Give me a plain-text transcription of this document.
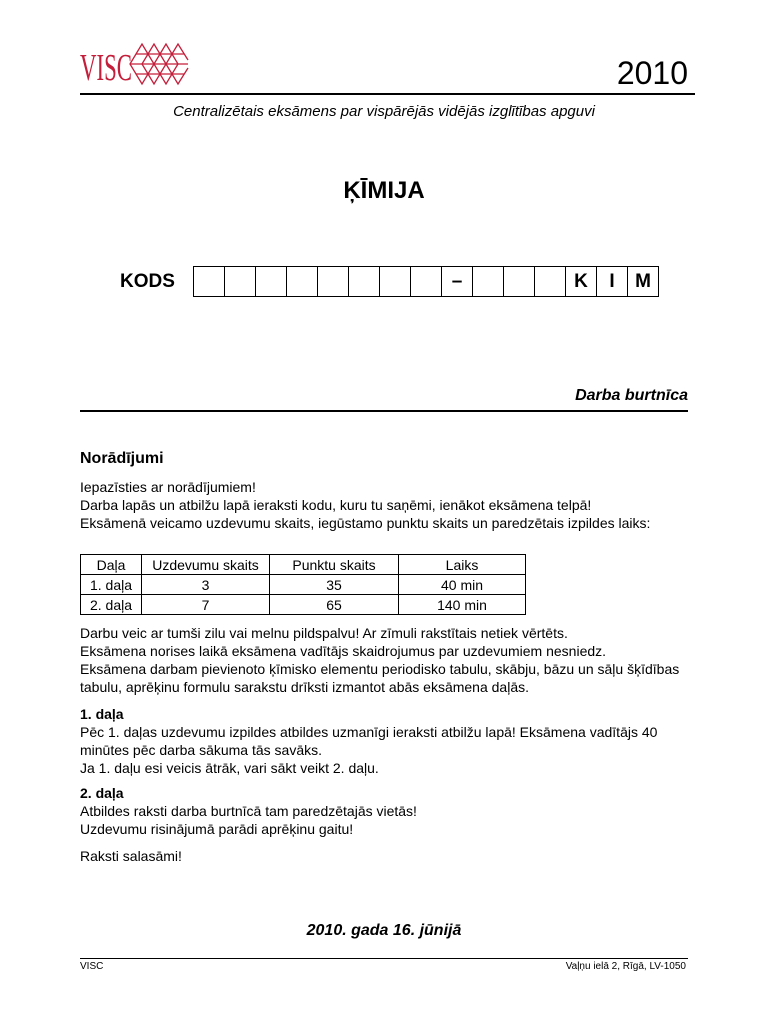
VISC	2010
Centralizētais eksāmens par vispārējās vidējās izglītības apguvi
ĶĪMIJA
KODS	–	K	I	M
Darba burtnīca
Norādījumi

Iepazīsties ar norādījumiem!

Darba lapās un atbilžu lapā ieraksti kodu, kuru tu saņēmi, ienākot eksāmena telpā!

Eksāmenā veicamo uzdevumu skaits, iegūstamo punktu skaits un paredzētais izpildes laiks:

Daļa	Uzdevumu skaits	Punktu skaits	Laiks
1. daļa	3	35	40 min
2. daļa	7	65	140 min

Darbu veic ar tumši zilu vai melnu pildspalvu! Ar zīmuli rakstītais netiek vērtēts.

Eksāmena norises laikā eksāmena vadītājs skaidrojumus par uzdevumiem nesniedz.

Eksāmena darbam pievienoto ķīmisko elementu periodisko tabulu, skābju, bāzu un sāļu šķīdības tabulu, aprēķinu formulu sarakstu drīksti izmantot abās eksāmena daļās.

1. daļa

Pēc 1. daļas uzdevumu izpildes atbildes uzmanīgi ieraksti atbilžu lapā! Eksāmena vadītājs 40 minūtes pēc darba sākuma tās savāks.

Ja 1. daļu esi veicis ātrāk, vari sākt veikt 2. daļu.

2. daļa

Atbildes raksti darba burtnīcā tam paredzētajās vietās!

Uzdevumu risinājumā parādi aprēķinu gaitu!

Raksti salasāmi!

2010. gada 16. jūnijā
VISC	Vaļņu ielā 2, Rīgā, LV-1050
